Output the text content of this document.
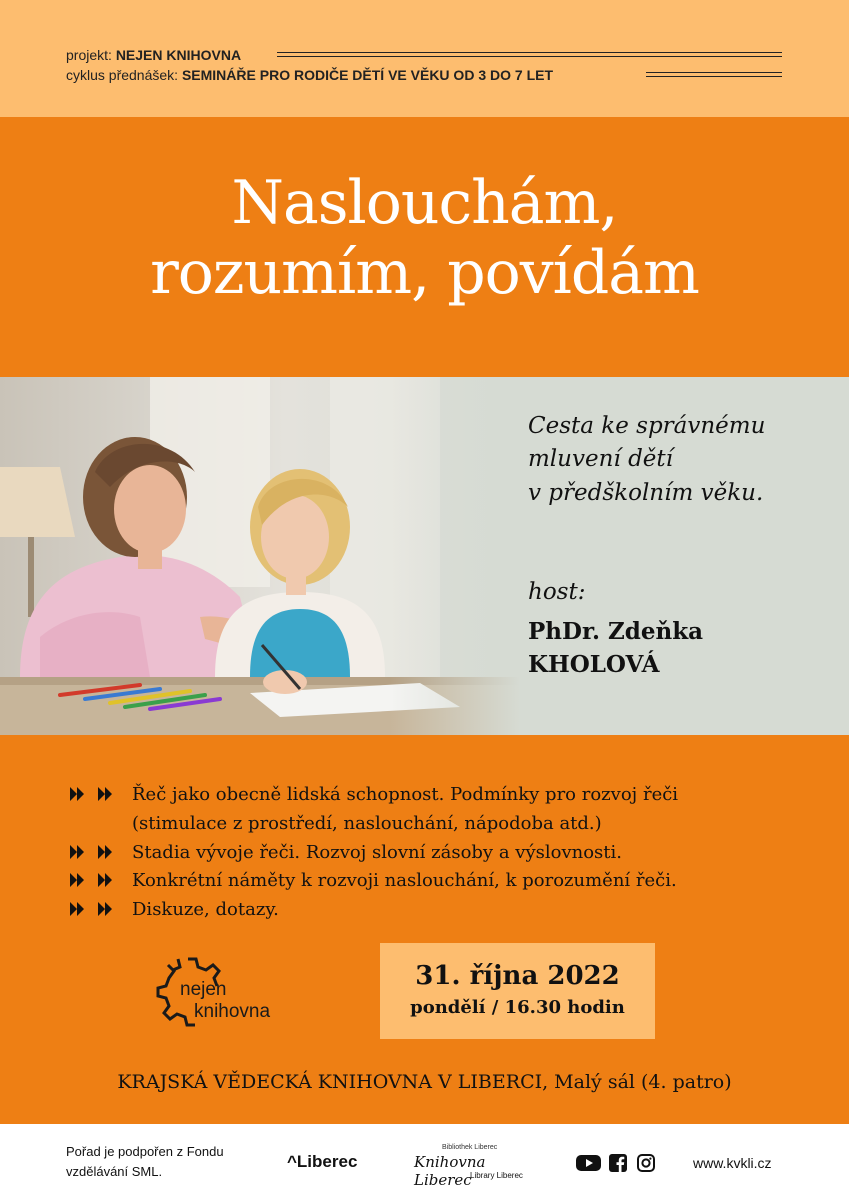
projekt: NEJEN KNIHOVNA
cyklus přednášek: SEMINÁŘE PRO RODIČE DĚTÍ VE VĚKU OD 3 DO 7 LET
Naslouchám,
rozumím, povídám
Cesta ke správnému
mluvení dětí
v předškolním věku.
host:
PhDr. Zdeňka
KHOLOVÁ
Řeč jako obecně lidská schopnost. Podmínky pro rozvoj řeči
(stimulace z prostředí, naslouchání, nápodoba atd.)
Stadia vývoje řeči. Rozvoj slovní zásoby a výslovnosti.
Konkrétní náměty k rozvoji naslouchání, k porozumění řeči.
Diskuze, dotazy.
nejen
knihovna
31. října 2022
pondělí / 16.30 hodin
KRAJSKÁ VĚDECKÁ KNIHOVNA V LIBERCI, Malý sál (4. patro)
Pořad je podpořen z Fondu
vzdělávání SML.
^Liberec
Bibliothek Liberec
Knihovna Liberec
Library Liberec
www.kvkli.cz
